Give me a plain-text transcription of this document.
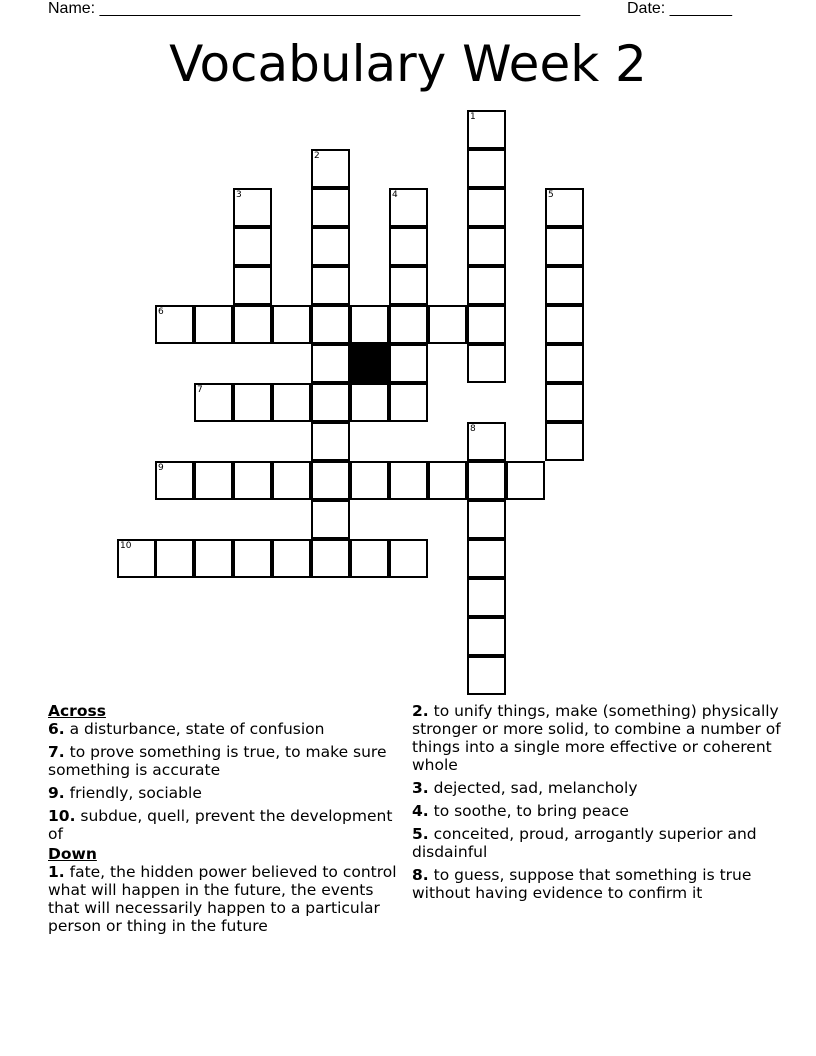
Name: ______________________________________________________	Date: _______
Vocabulary Week 2
1
2
3	4	5
6
7
9
10
8

Across

6. a disturbance, state of confusion

7. to prove something is true, to make sure something is accurate

9. friendly, sociable

10. subdue, quell, prevent the development of

Down

1. fate, the hidden power believed to control what will happen in the future, the events that will necessarily happen to a particular person or thing in the future

2. to unify things, make (something) physically stronger or more solid, to combine a number of things into a single more effective or coherent whole

3. dejected, sad, melancholy

4. to soothe, to bring peace

5. conceited, proud, arrogantly superior and disdainful

8. to guess, suppose that something is true without having evidence to confirm it
